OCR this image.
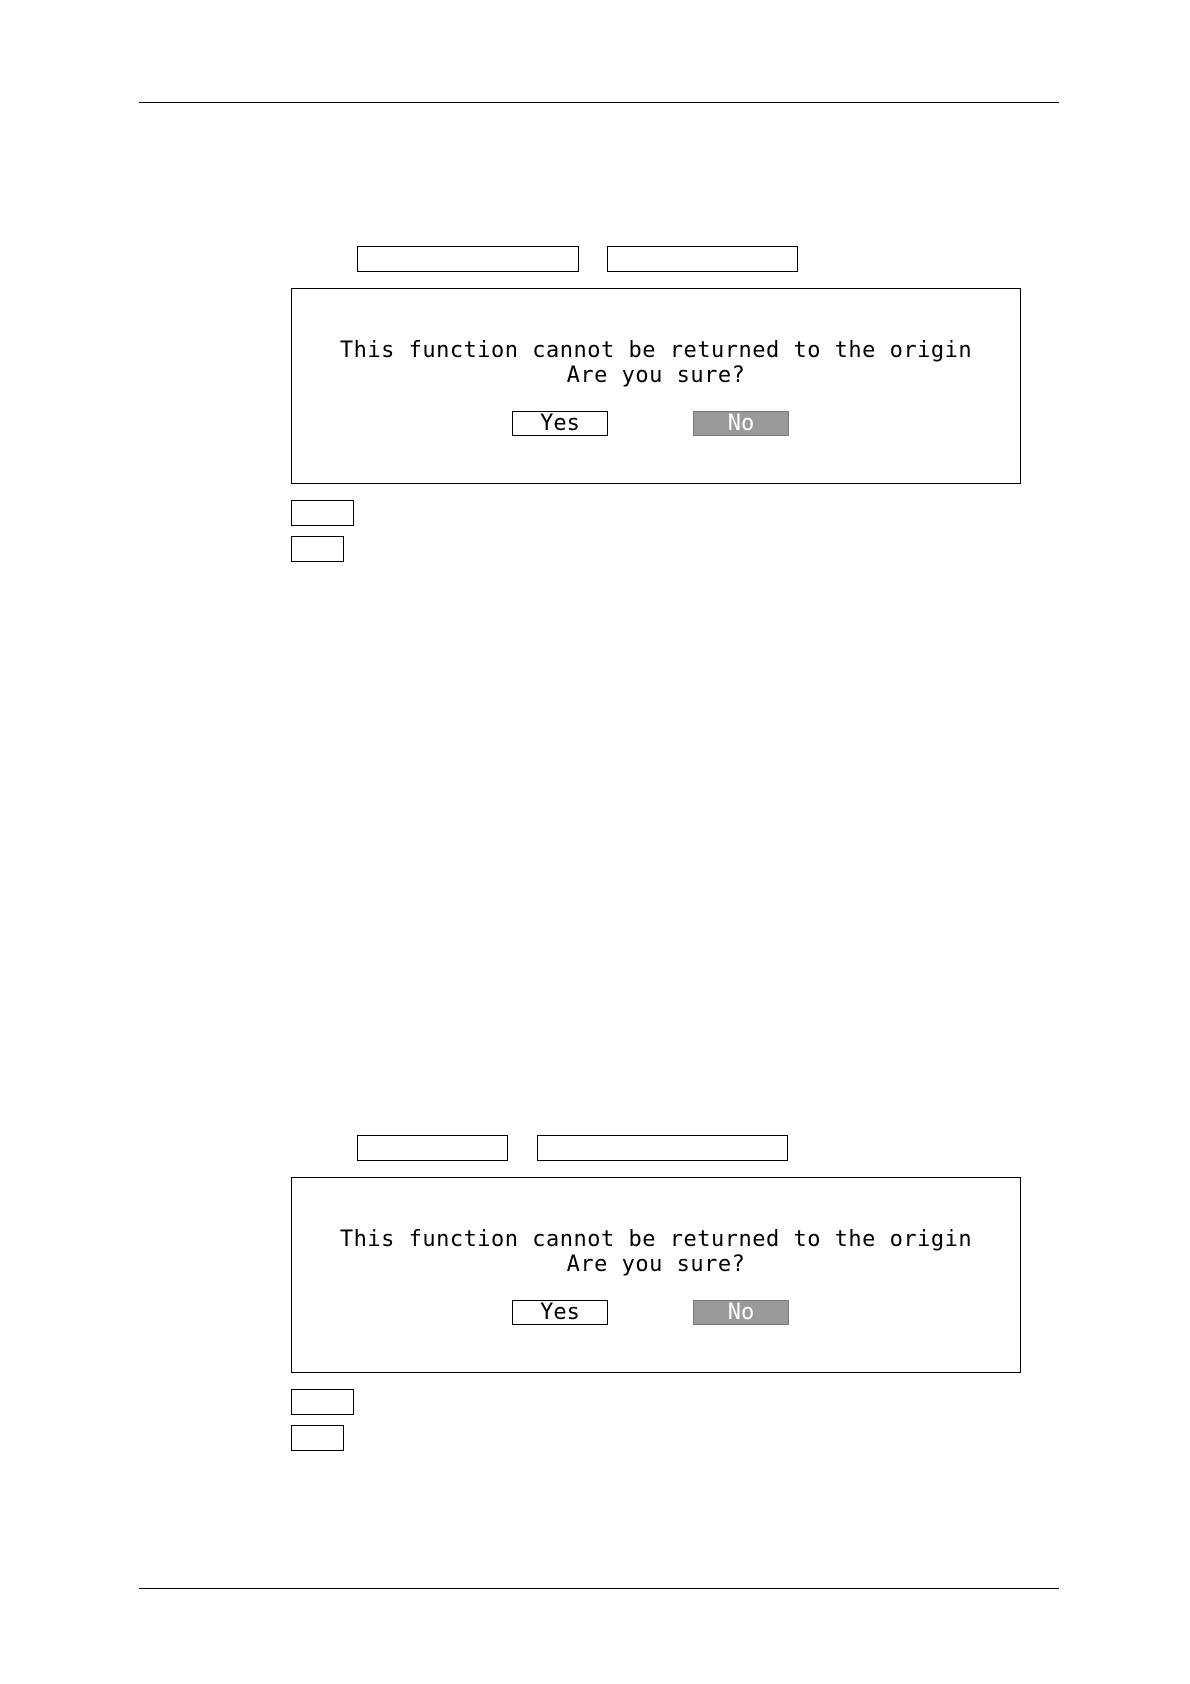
This function cannot be returned to the origin
Are you sure?
Yes	No
This function cannot be returned to the origin
Are you sure?
Yes	No
